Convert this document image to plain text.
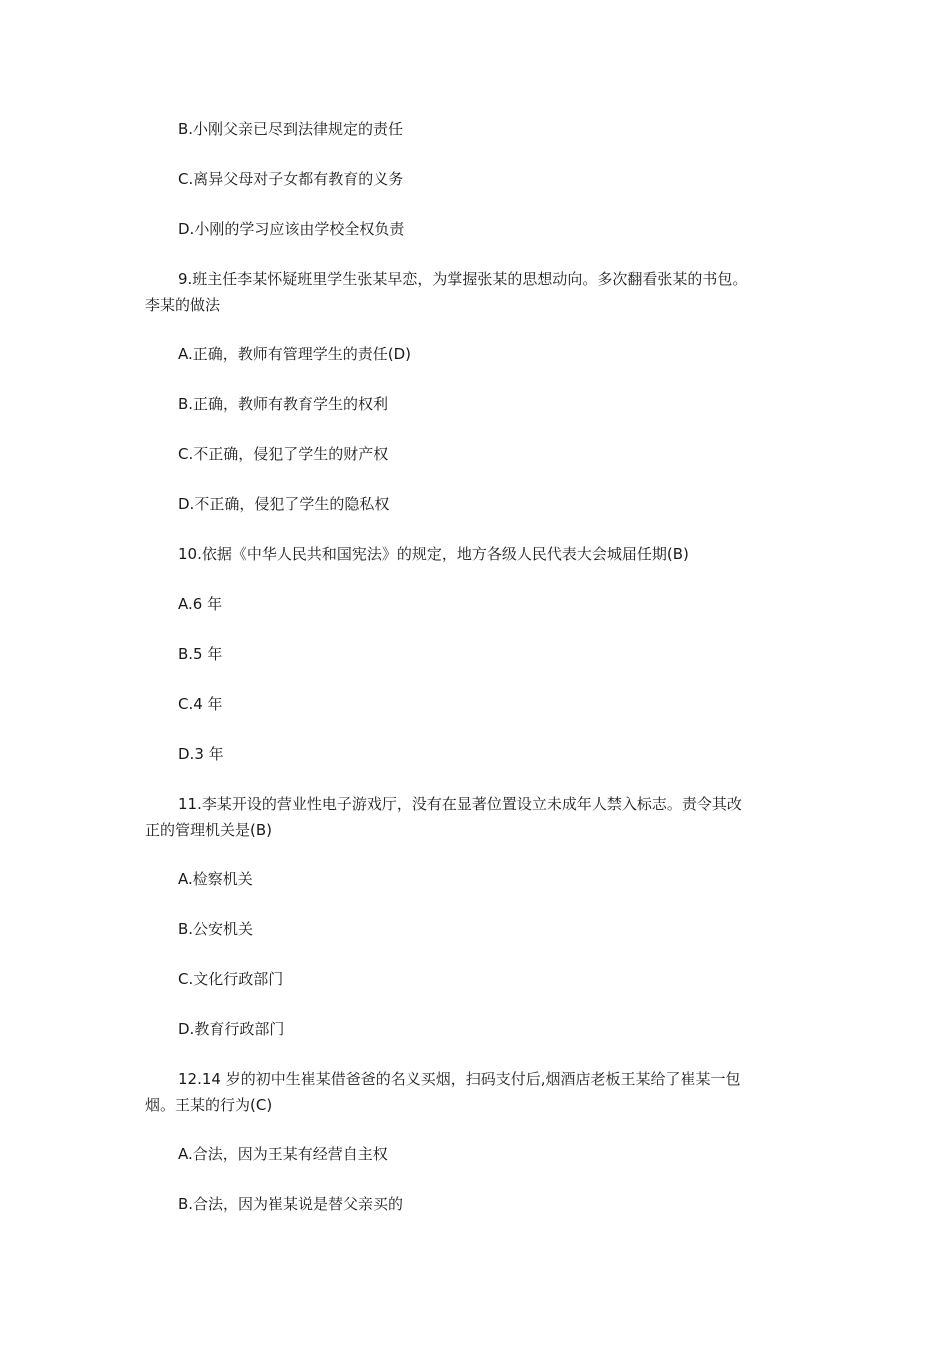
B.小刚父亲已尽到法律规定的责任
C.离异父母对子女都有教育的义务
D.小刚的学习应该由学校全权负责
9.班主任李某怀疑班里学生张某早恋，为掌握张某的思想动向。多次翻看张某的书包。
李某的做法
A.正确，教师有管理学生的责任(D)
B.正确，教师有教育学生的权利
C.不正确，侵犯了学生的财产权
D.不正确，侵犯了学生的隐私权
10.依据《中华人民共和国宪法》的规定，地方各级人民代表大会城届任期(B)
A.6 年
B.5 年
C.4 年
D.3 年
11.李某开设的营业性电子游戏厅，没有在显著位置设立未成年人禁入标志。责令其改
正的管理机关是(B)
A.检察机关
B.公安机关
C.文化行政部门
D.教育行政部门
12.14 岁的初中生崔某借爸爸的名义买烟，扫码支付后,烟酒店老板王某给了崔某一包
烟。王某的行为(C)
A.合法，因为王某有经营自主权
B.合法，因为崔某说是替父亲买的
